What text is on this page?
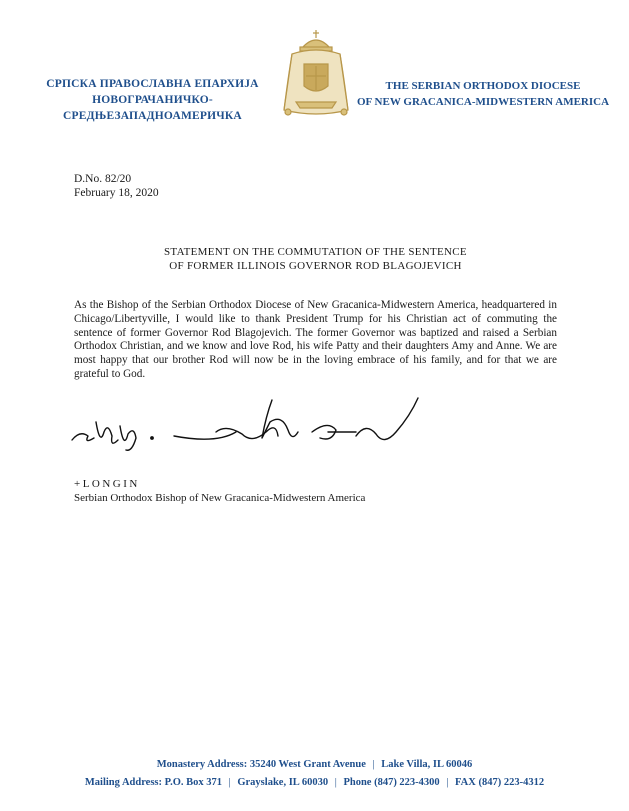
СРПСКА ПРАВОСЛАВНА ЕПАРХИЈА
НОВОГРАЧАНИЧКО-СРЕДЊЕЗАПАДНОАМЕРИЧКА
THE SERBIAN ORTHODOX DIOCESE
OF NEW GRACANICA-MIDWESTERN AMERICA
D.No. 82/20
February 18, 2020
STATEMENT ON THE COMMUTATION OF THE SENTENCE
OF FORMER ILLINOIS GOVERNOR ROD BLAGOJEVICH

As the Bishop of the Serbian Orthodox Diocese of New Gracanica-Midwestern America, headquartered in Chicago/Libertyville, I would like to thank President Trump for his Christian act of commuting the sentence of former Governor Rod Blagojevich. The former Governor was baptized and raised a Serbian Orthodox Christian, and we know and love Rod, his wife Patty and their daughters Amy and Anne. We are most happy that our brother Rod will now be in the loving embrace of his family, and for that we are grateful to God.

+LONGIN
Serbian Orthodox Bishop of New Gracanica-Midwestern America
Monastery Address: 35240 West Grant Avenue | Lake Villa, IL 60046
Mailing Address: P.O. Box 371 | Grayslake, IL 60030 | Phone (847) 223-4300 | FAX (847) 223-4312
